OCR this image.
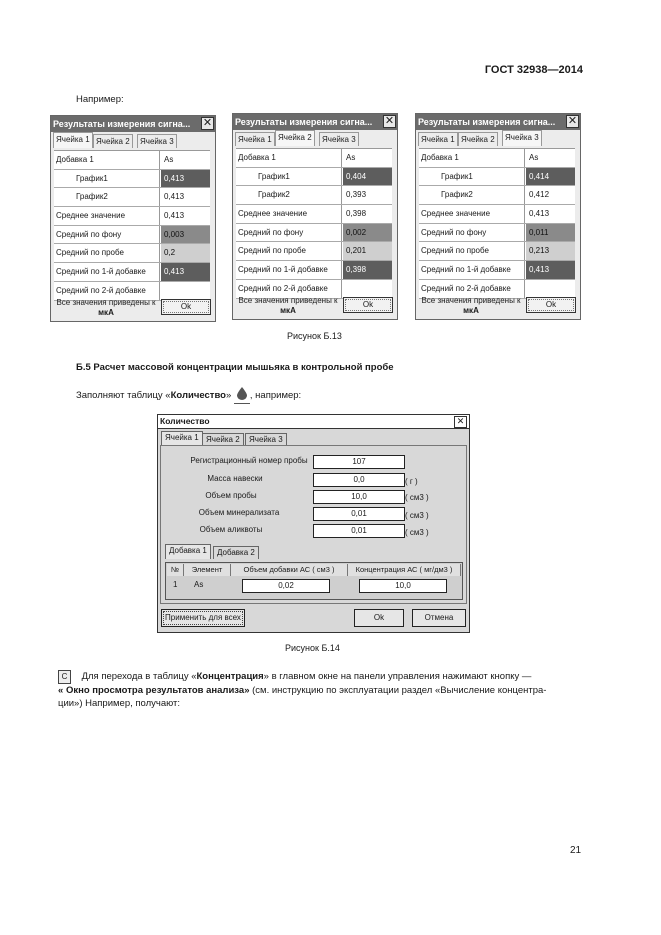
ГОСТ 32938—2014
Например:
Результаты измерения сигна...	✕
Ячейка 1 Ячейка 2	Ячейка 3
Добавка 1	As
График1	0,413
График2	0,413
Среднее значение	0,413
Средний по фону	0,003
Средний по пробе	0,2
Средний по 1-й добавке	0,413
Средний по 2-й добавке
Все значения приведены к
мкА
Ok
Результаты измерения сигна...	✕
Ячейка 1 Ячейка 2	Ячейка 3
Добавка 1	As
График1	0,404
График2	0,393
Среднее значение	0,398
Средний по фону	0,002
Средний по пробе	0,201
Средний по 1-й добавке	0,398
Средний по 2-й добавке
Все значения приведены к
мкА
Ok
Результаты измерения сигна...	✕
Ячейка 1 Ячейка 2	Ячейка 3
Добавка 1	As
График1	0,414
График2	0,412
Среднее значение	0,413
Средний по фону	0,011
Средний по пробе	0,213
Средний по 1-й добавке	0,413
Средний по 2-й добавке
Все значения приведены к
мкА
Ok
Рисунок Б.13
Б.5 Расчет массовой концентрации мышьяка в контрольной пробе
Заполняют таблицу «Количество» , например:
Количество	✕
Ячейка 1 Ячейка 2	Ячейка 3
Регистрационный номер пробы	107
Масса навески	0,0	( г )
Объем пробы	10,0	( см3 )
Объем минерализата	0,01	( см3 )
Объем аликвоты	0,01	( см3 )
Добавка 1	Добавка 2
№	Элемент	Объем добавки АС ( см3 )	Концентрация АС ( мг/дм3 )
1 As	0,02	10,0
Применить для всех	Ok	Отмена
Рисунок Б.14
C Для перехода в таблицу «Концентрация» в главном окне на панели управления нажимают кнопку —
« Окно просмотра результатов анализа» (см. инструкцию по эксплуатации раздел «Вычисление концентра-
ции») Например, получают:
21
